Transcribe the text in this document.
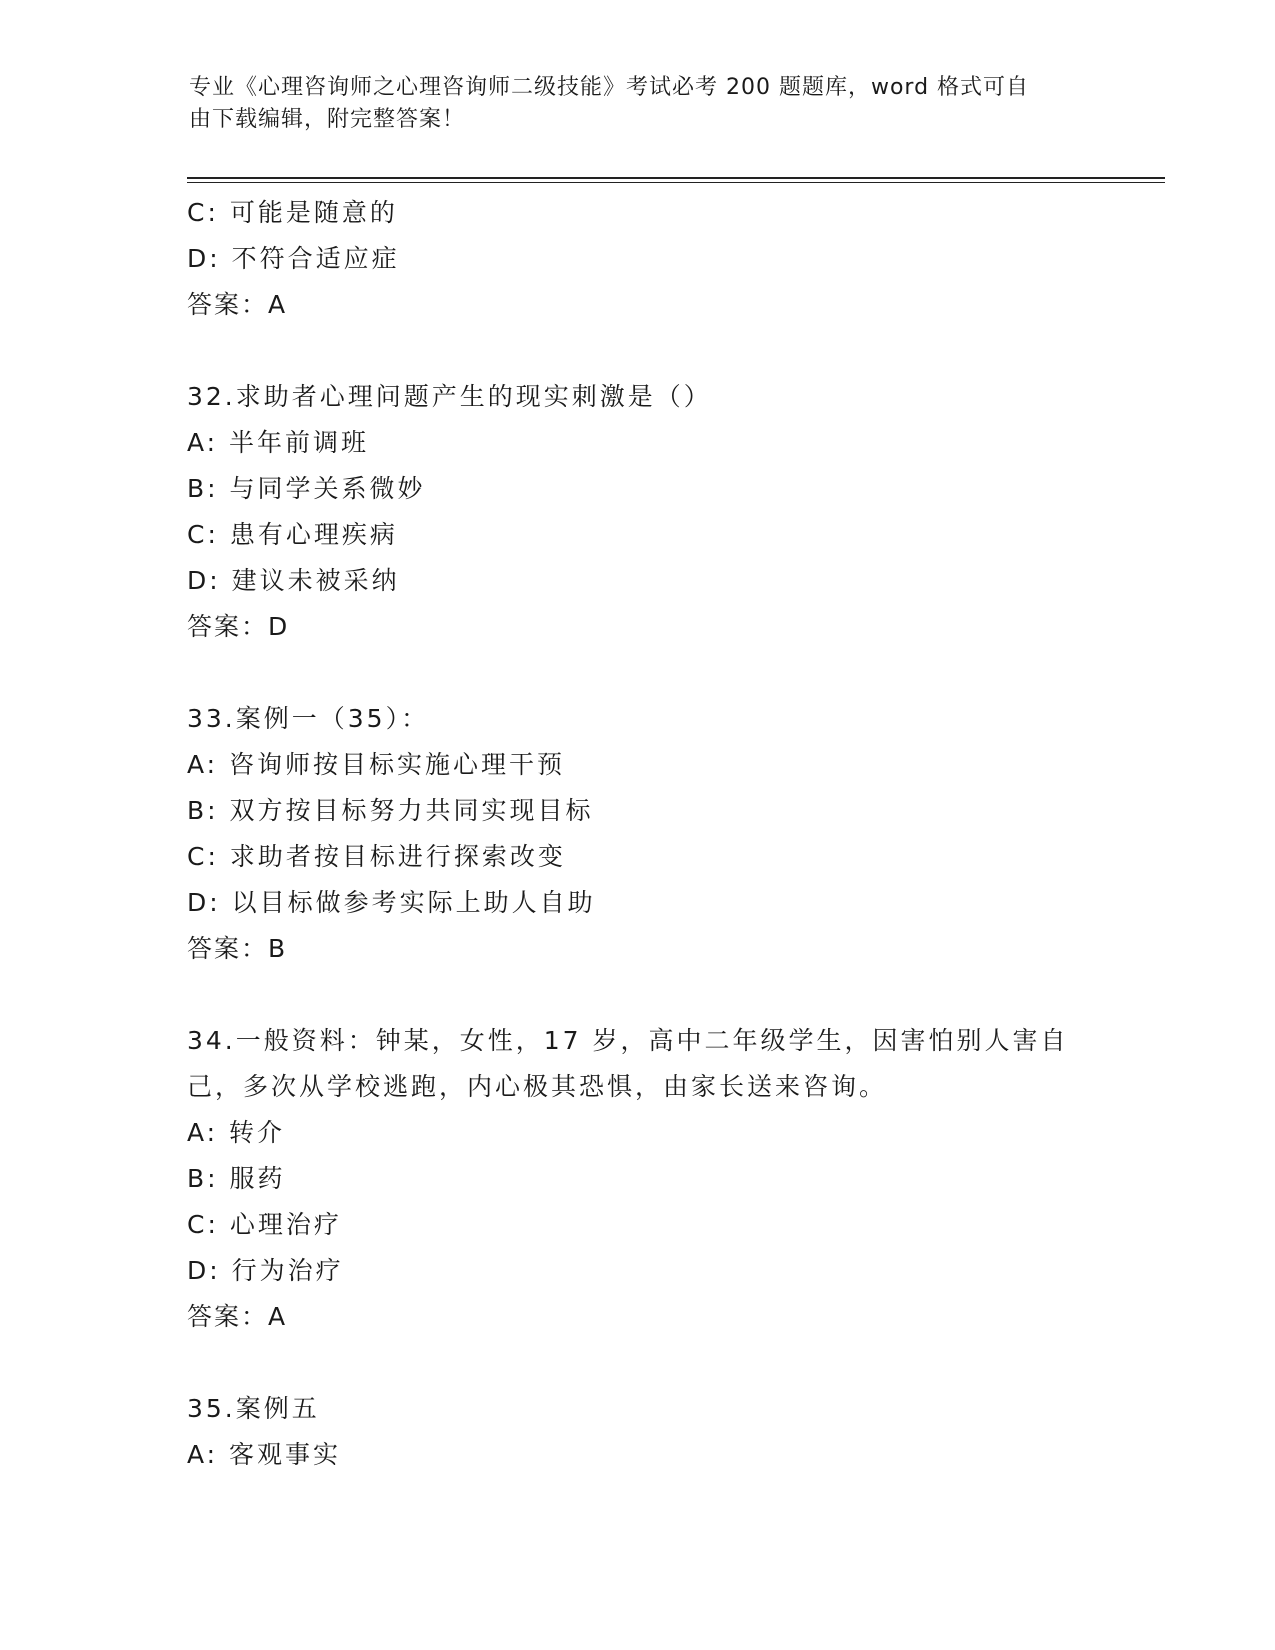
专业《心理咨询师之心理咨询师二级技能》考试必考 200 题题库，word 格式可自
由下载编辑，附完整答案！
C: 可能是随意的
D: 不符合适应症
答案：A
32.求助者心理问题产生的现实刺激是（）
A: 半年前调班
B: 与同学关系微妙
C: 患有心理疾病
D: 建议未被采纳
答案：D
33.案例一（35）：
A: 咨询师按目标实施心理干预
B: 双方按目标努力共同实现目标
C: 求助者按目标进行探索改变
D: 以目标做参考实际上助人自助
答案：B
34.一般资料：钟某，女性，17 岁，高中二年级学生，因害怕别人害自
己，多次从学校逃跑，内心极其恐惧，由家长送来咨询。
A: 转介
B: 服药
C: 心理治疗
D: 行为治疗
答案：A
35.案例五
A: 客观事实
